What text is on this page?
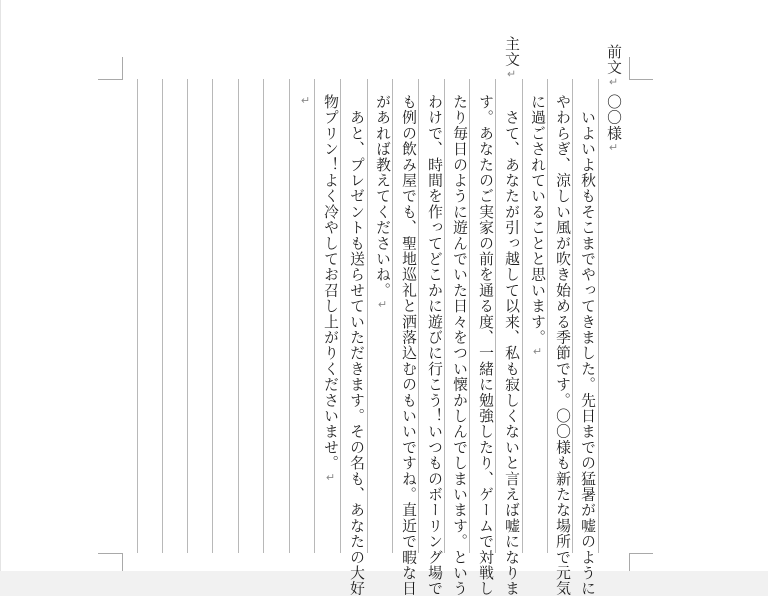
前文↵
主文↵
〇〇様↵
　いよいよ秋もそこまでやってきました。先日までの猛暑が嘘のように
やわらぎ、涼しい風が吹き始める季節です。〇〇様も新たな場所で元気
に過ごされていることと思います。↵
　さて、あなたが引っ越して以来、私も寂しくないと言えば嘘になりま
す。あなたのご実家の前を通る度、一緒に勉強したり、ゲームで対戦し
たり毎日のように遊んでいた日々をつい懐かしんでしまいます。という
わけで、時間を作ってどこかに遊びに行こう！いつものボーリング場で
も例の飲み屋でも、聖地巡礼と洒落込むのもいいですね。直近で暇な日
があれば教えてくださいね。↵
　あと、プレゼントも送らせていただきます。その名も、あなたの大好
物プリン！よく冷やしてお召し上がりくださいませ。↵
↵
